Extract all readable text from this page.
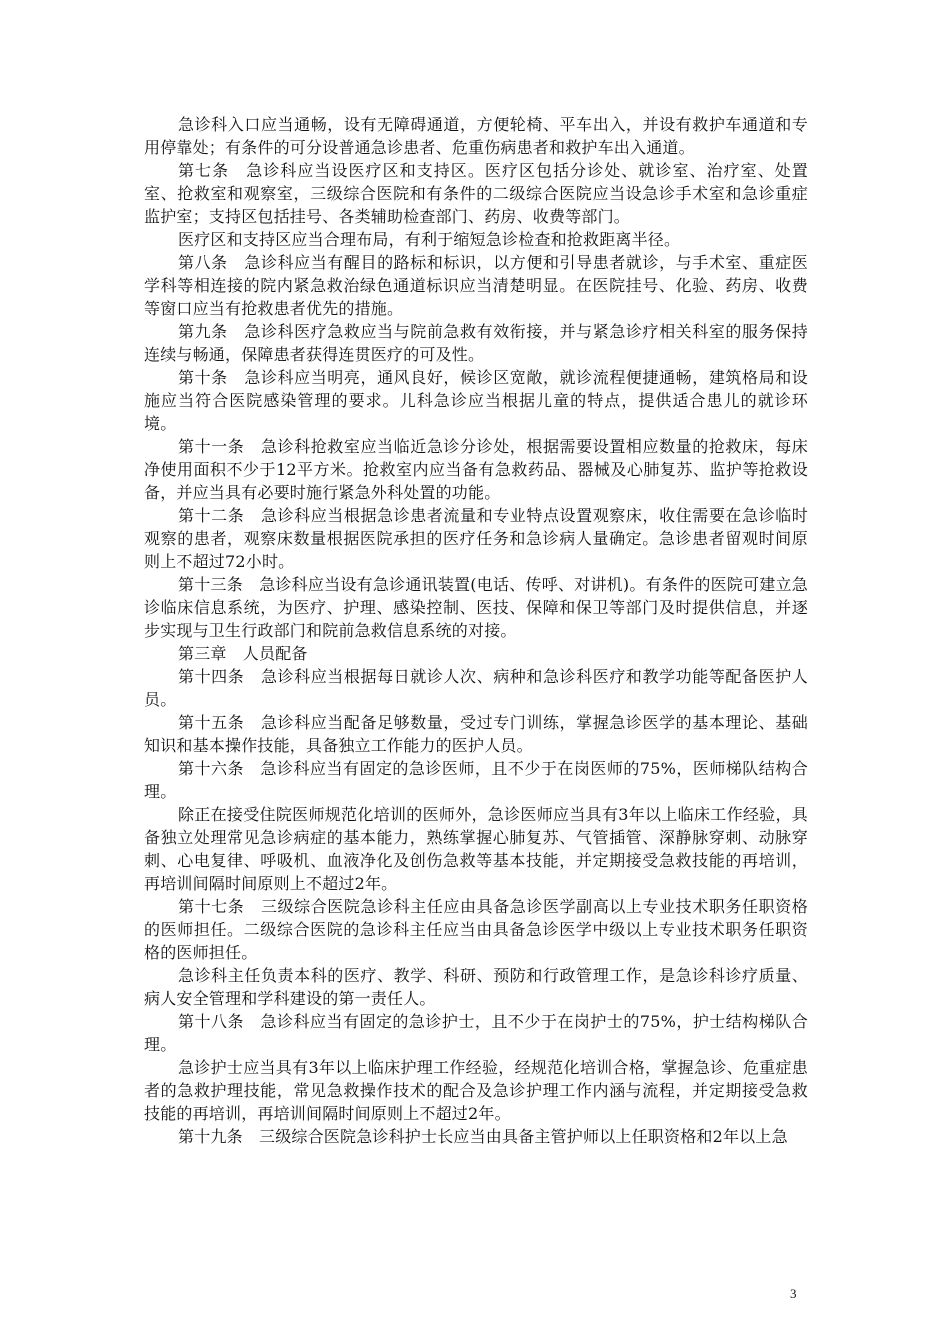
急诊科入口应当通畅，设有无障碍通道，方便轮椅、平车出入，并设有救护车通道和专用停靠处；有条件的可分设普通急诊患者、危重伤病患者和救护车出入通道。

第七条　急诊科应当设医疗区和支持区。医疗区包括分诊处、就诊室、治疗室、处置室、抢救室和观察室，三级综合医院和有条件的二级综合医院应当设急诊手术室和急诊重症监护室；支持区包括挂号、各类辅助检查部门、药房、收费等部门。

医疗区和支持区应当合理布局，有利于缩短急诊检查和抢救距离半径。

第八条　急诊科应当有醒目的路标和标识，以方便和引导患者就诊，与手术室、重症医学科等相连接的院内紧急救治绿色通道标识应当清楚明显。在医院挂号、化验、药房、收费等窗口应当有抢救患者优先的措施。

第九条　急诊科医疗急救应当与院前急救有效衔接，并与紧急诊疗相关科室的服务保持连续与畅通，保障患者获得连贯医疗的可及性。

第十条　急诊科应当明亮，通风良好，候诊区宽敞，就诊流程便捷通畅，建筑格局和设施应当符合医院感染管理的要求。儿科急诊应当根据儿童的特点，提供适合患儿的就诊环境。

第十一条　急诊科抢救室应当临近急诊分诊处，根据需要设置相应数量的抢救床，每床净使用面积不少于12平方米。抢救室内应当备有急救药品、器械及心肺复苏、监护等抢救设备，并应当具有必要时施行紧急外科处置的功能。

第十二条　急诊科应当根据急诊患者流量和专业特点设置观察床，收住需要在急诊临时观察的患者，观察床数量根据医院承担的医疗任务和急诊病人量确定。急诊患者留观时间原则上不超过72小时。

第十三条　急诊科应当设有急诊通讯装置(电话、传呼、对讲机)。有条件的医院可建立急诊临床信息系统，为医疗、护理、感染控制、医技、保障和保卫等部门及时提供信息，并逐步实现与卫生行政部门和院前急救信息系统的对接。

第三章　人员配备

第十四条　急诊科应当根据每日就诊人次、病种和急诊科医疗和教学功能等配备医护人员。

第十五条　急诊科应当配备足够数量，受过专门训练，掌握急诊医学的基本理论、基础知识和基本操作技能，具备独立工作能力的医护人员。

第十六条　急诊科应当有固定的急诊医师，且不少于在岗医师的75%，医师梯队结构合理。

除正在接受住院医师规范化培训的医师外，急诊医师应当具有3年以上临床工作经验，具备独立处理常见急诊病症的基本能力，熟练掌握心肺复苏、气管插管、深静脉穿刺、动脉穿刺、心电复律、呼吸机、血液净化及创伤急救等基本技能，并定期接受急救技能的再培训，再培训间隔时间原则上不超过2年。

第十七条　三级综合医院急诊科主任应由具备急诊医学副高以上专业技术职务任职资格的医师担任。二级综合医院的急诊科主任应当由具备急诊医学中级以上专业技术职务任职资格的医师担任。

急诊科主任负责本科的医疗、教学、科研、预防和行政管理工作，是急诊科诊疗质量、病人安全管理和学科建设的第一责任人。

第十八条　急诊科应当有固定的急诊护士，且不少于在岗护士的75%，护士结构梯队合理。

急诊护士应当具有3年以上临床护理工作经验，经规范化培训合格，掌握急诊、危重症患者的急救护理技能，常见急救操作技术的配合及急诊护理工作内涵与流程，并定期接受急救技能的再培训，再培训间隔时间原则上不超过2年。

第十九条　三级综合医院急诊科护士长应当由具备主管护师以上任职资格和2年以上急

3
